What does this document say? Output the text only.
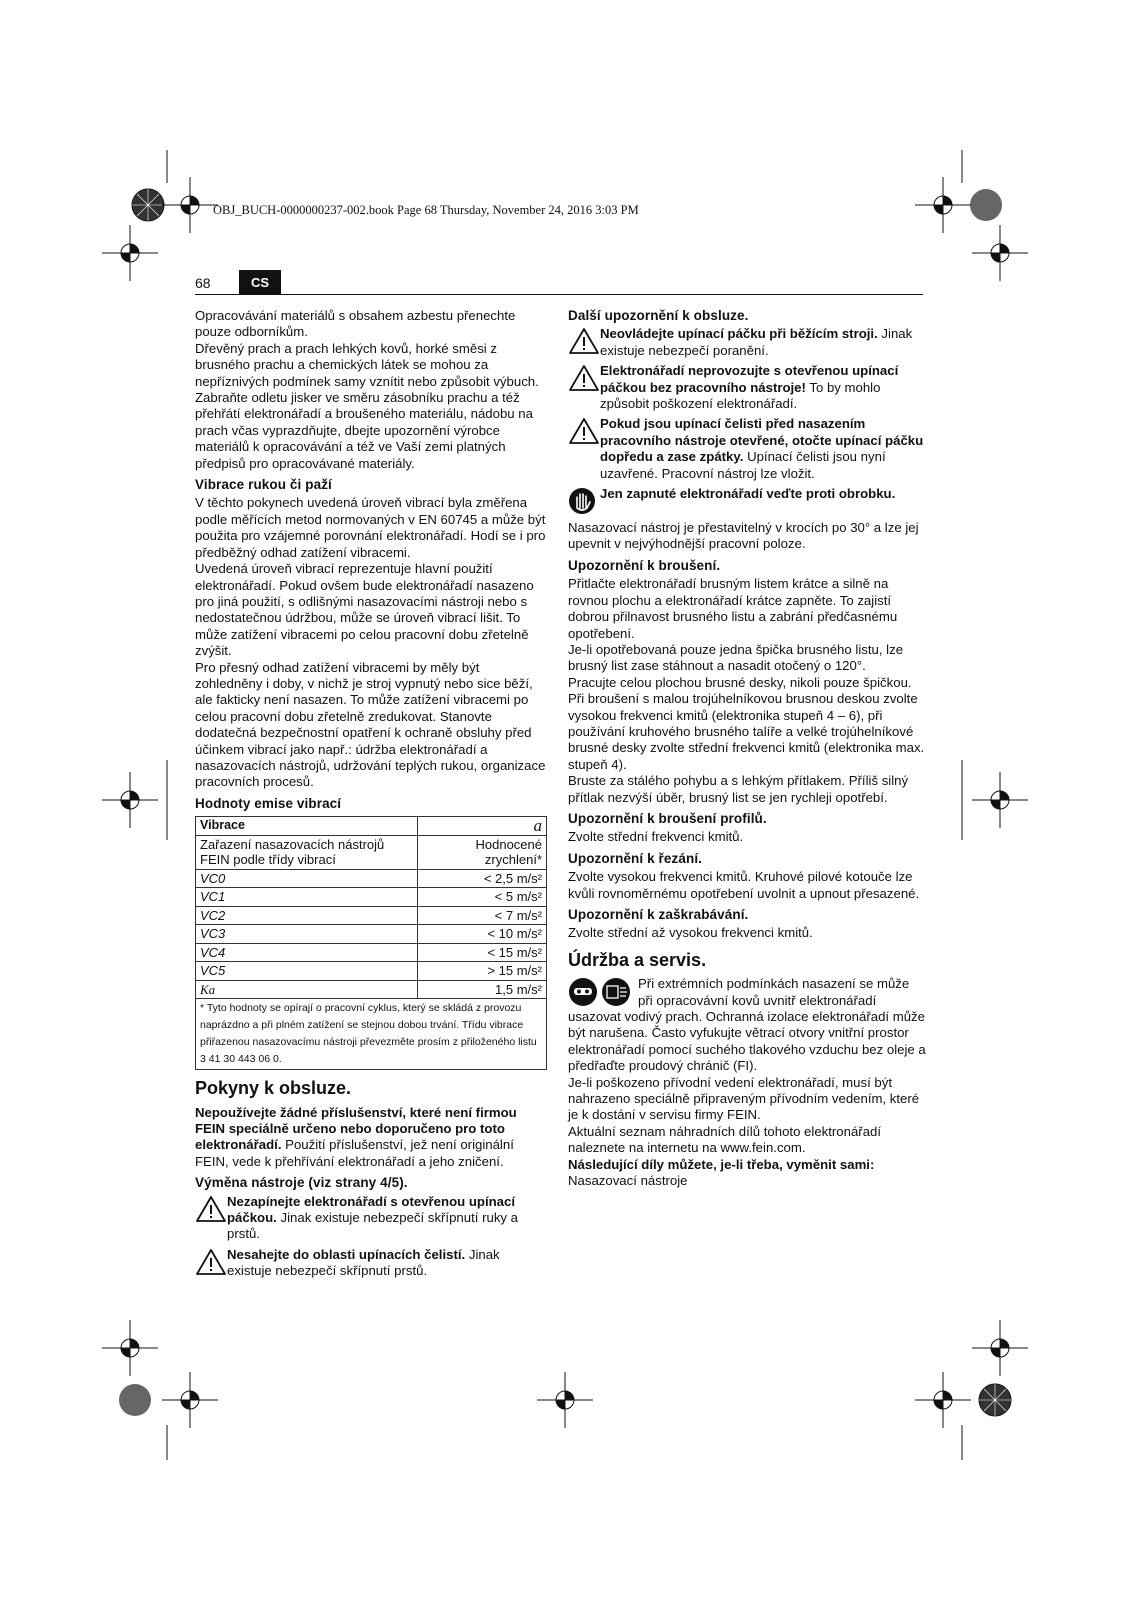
OBJ_BUCH-0000000237-002.book Page 68 Thursday, November 24, 2016 3:03 PM
68	CS

Opracovávání materiálů s obsahem azbestu přenechte pouze odborníkům.

Dřevěný prach a prach lehkých kovů, horké směsi z brusného prachu a chemických látek se mohou za nepříznivých podmínek samy vznítit nebo způsobit výbuch. Zabraňte odletu jisker ve směru zásobníku prachu a též přehřátí elektronářadí a broušeného materiálu, nádobu na prach včas vyprazdňujte, dbejte upozornění výrobce materiálů k opracovávání a též ve Vaší zemi platných předpisů pro opracovávané materiály.

Vibrace rukou či paží

V těchto pokynech uvedená úroveň vibrací byla změřena podle měřících metod normovaných v EN 60745 a může být použita pro vzájemné porovnání elektronářadí. Hodí se i pro předběžný odhad zatížení vibracemi.

Uvedená úroveň vibrací reprezentuje hlavní použití elektronářadí. Pokud ovšem bude elektronářadí nasazeno pro jiná použití, s odlišnými nasazovacími nástroji nebo s nedostatečnou údržbou, může se úroveň vibrací lišit. To může zatížení vibracemi po celou pracovní dobu zřetelně zvýšit.

Pro přesný odhad zatížení vibracemi by měly být zohledněny i doby, v nichž je stroj vypnutý nebo sice běží, ale fakticky není nasazen. To může zatížení vibracemi po celou pracovní dobu zřetelně zredukovat. Stanovte dodatečná bezpečnostní opatření k ochraně obsluhy před účinkem vibrací jako např.: údržba elektronářadí a nasazovacích nástrojů, udržování teplých rukou, organizace pracovních procesů.

Hodnoty emise vibrací
Vibrace	a
Zařazení nasazovacích nástrojů FEIN podle třídy vibrací	Hodnocené zrychlení*
VC0	< 2,5 m/s²
VC1	< 5 m/s²
VC2	< 7 m/s²
VC3	< 10 m/s²
VC4	< 15 m/s²
VC5	> 15 m/s²
Ka	1,5 m/s²
* Tyto hodnoty se opírají o pracovní cyklus, který se skládá z provozu naprázdno a při plném zatížení se stejnou dobou trvání. Třídu vibrace přiřazenou nasazovacímu nástroji převezměte prosím z přiloženého listu 3 41 30 443 06 0.	
Pokyny k obsluze.

Nepoužívejte žádné příslušenství, které není firmou FEIN speciálně určeno nebo doporučeno pro toto elektronářadí. Použití příslušenství, jež není originální FEIN, vede k přehřívání elektronářadí a jeho zničení.

Výměna nástroje (viz strany 4/5).
Nezapínejte elektronářadí s otevřenou upínací páčkou. Jinak existuje nebezpečí skřípnutí ruky a prstů.
Nesahejte do oblasti upínacích čelistí. Jinak existuje nebezpečí skřípnutí prstů.
Další upozornění k obsluze.
Neovládejte upínací páčku při běžícím stroji. Jinak existuje nebezpečí poranění.
Elektronářadí neprovozujte s otevřenou upínací páčkou bez pracovního nástroje! To by mohlo způsobit poškození elektronářadí.
Pokud jsou upínací čelisti před nasazením pracovního nástroje otevřené, otočte upínací páčku dopředu a zase zpátky. Upínací čelisti jsou nyní uzavřené. Pracovní nástroj lze vložit.
Jen zapnuté elektronářadí veďte proti obrobku.

Nasazovací nástroj je přestavitelný v krocích po 30° a lze jej upevnit v nejvýhodnější pracovní poloze.

Upozornění k broušení.

Přitlačte elektronářadí brusným listem krátce a silně na rovnou plochu a elektronářadí krátce zapněte. To zajistí dobrou přilnavost brusného listu a zabrání předčasnému opotřebení.

Je-li opotřebovaná pouze jedna špička brusného listu, lze brusný list zase stáhnout a nasadit otočený o 120°.

Pracujte celou plochou brusné desky, nikoli pouze špičkou.

Při broušení s malou trojúhelníkovou brusnou deskou zvolte vysokou frekvenci kmitů (elektronika stupeň 4 – 6), při používání kruhového brusného talíře a velké trojúhelníkové brusné desky zvolte střední frekvenci kmitů (elektronika max. stupeň 4).

Bruste za stálého pohybu a s lehkým přítlakem. Příliš silný přítlak nezvýší úběr, brusný list se jen rychleji opotřebí.

Upozornění k broušení profilů.

Zvolte střední frekvenci kmitů.

Upozornění k řezání.

Zvolte vysokou frekvenci kmitů. Kruhové pilové kotouče lze kvůli rovnoměrnému opotřebení uvolnit a upnout přesazené.

Upozornění k zaškrabávání.

Zvolte střední až vysokou frekvenci kmitů.

Údržba a servis.

Při extrémních podmínkách nasazení se může při opracovávní kovů uvnitř elektronářadí usazovat vodivý prach. Ochranná izolace elektronářadí může být narušena. Často vyfukujte větrací otvory vnitřní prostor elektronářadí pomocí suchého tlakového vzduchu bez oleje a předřaďte proudový chránič (FI).

Je-li poškozeno přívodní vedení elektronářadí, musí být nahrazeno speciálně připraveným přívodním vedením, které je k dostání v servisu firmy FEIN.

Aktuální seznam náhradních dílů tohoto elektronářadí naleznete na internetu na www.fein.com.

Následující díly můžete, je-li třeba, vyměnit sami:

Nasazovací nástroje
